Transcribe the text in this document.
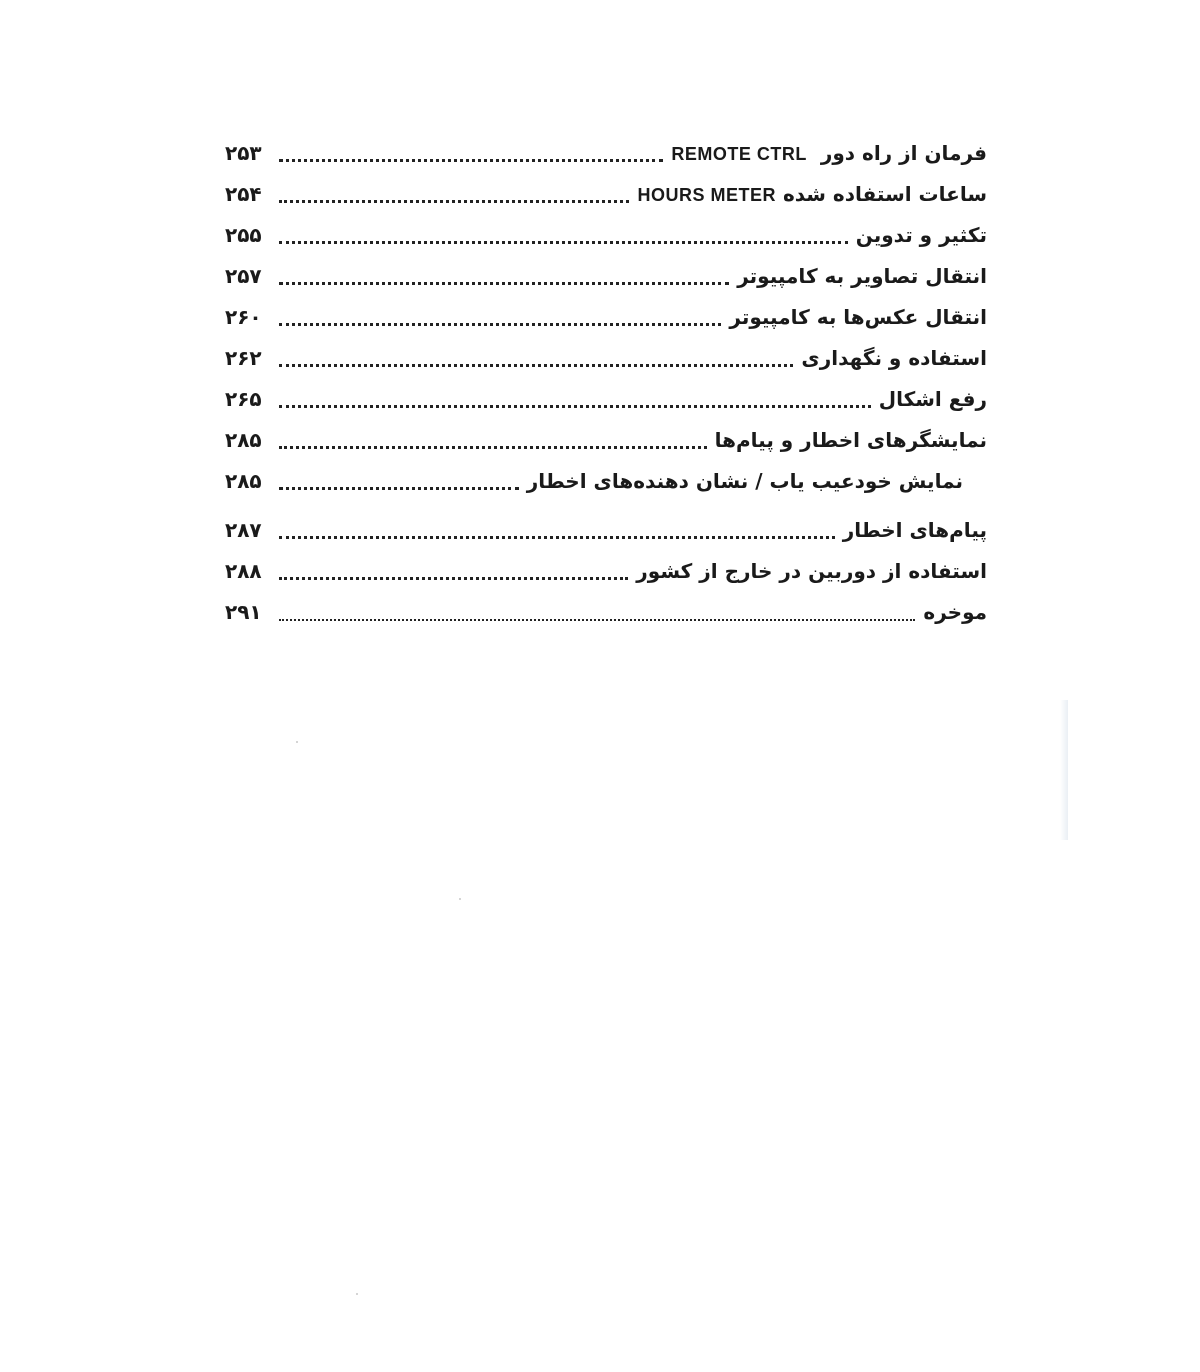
۲۵۳	فرمان از راه دور  REMOTE CTRL
۲۵۴	ساعات استفاده شده HOURS METER
۲۵۵	تکثیر و تدوین
۲۵۷	انتقال تصاویر به کامپیوتر
۲۶۰	انتقال عکس‌ها به کامپیوتر
۲۶۲	استفاده و نگهداری
۲۶۵	رفع اشکال
۲۸۵	نمایشگرهای اخطار و پیام‌ها
۲۸۵	نمایش خودعیب یاب / نشان دهنده‌های اخطار
۲۸۷	پیام‌های اخطار
۲۸۸	استفاده از دوربین در خارج از کشور
۲۹۱	موخره
